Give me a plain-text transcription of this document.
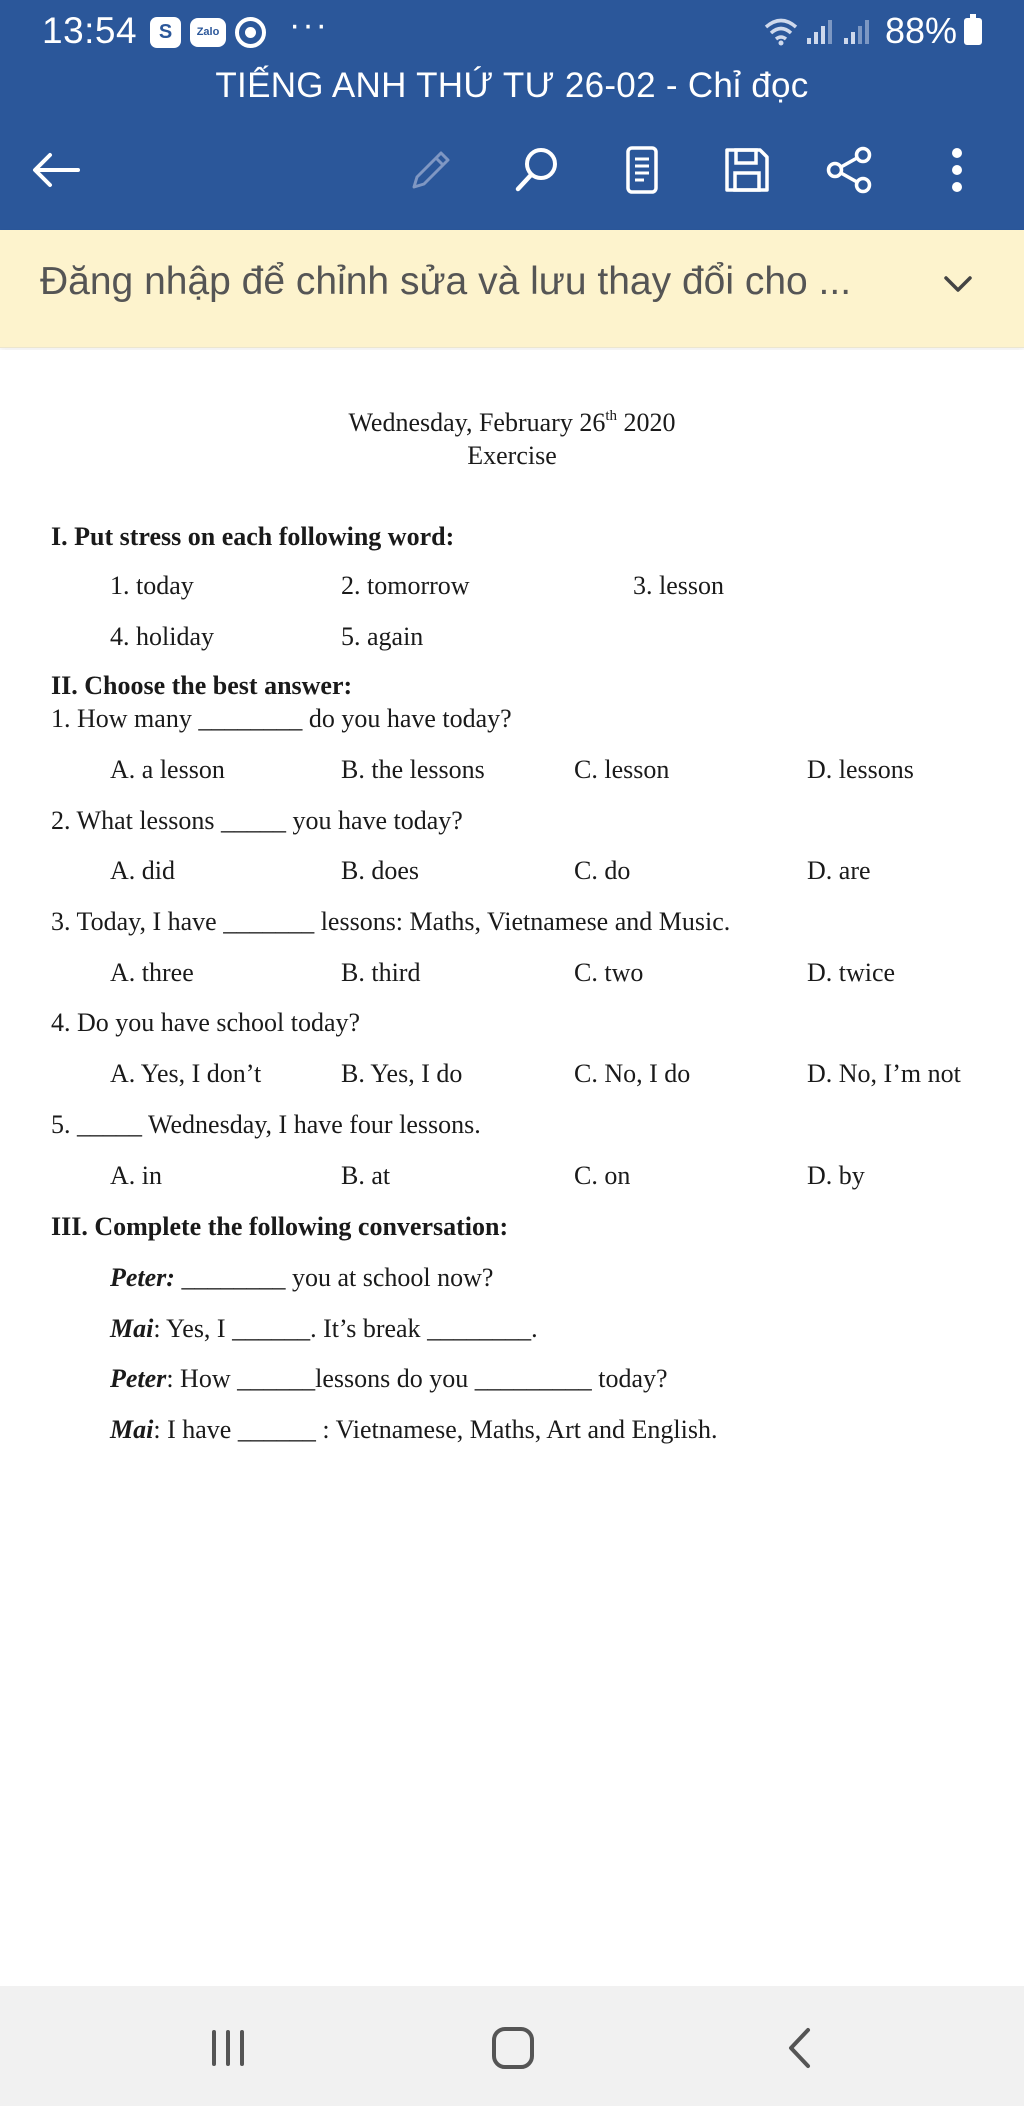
13:54	S	Zalo ···	88%
TIẾNG ANH THỨ TƯ 26-02 - Chỉ đọc
Đăng nhập để chỉnh sửa và lưu thay đổi cho ...
Wednesday, February 26th 2020
Exercise
I. Put stress on each following word:
1. today	2. tomorrow	3. lesson
4. holiday	5. again
II. Choose the best answer:
1. How many ________ do you have today?
A. a lesson	B. the lessons	C. lesson	D. lessons
2. What lessons _____ you have today?
A. did	B. does	C. do	D. are
3. Today, I have _______ lessons: Maths, Vietnamese and Music.
A. three	B. third	C. two	D. twice
4. Do you have school today?
A. Yes, I don’t	B. Yes, I do	C. No, I do	D. No, I’m not
5. _____ Wednesday, I have four lessons.
A. in	B. at	C. on	D. by
III. Complete the following conversation:
Peter: ________ you at school now?
Mai: Yes, I ______. It’s break ________.
Peter: How ______lessons do you _________ today?
Mai: I have ______ : Vietnamese, Maths, Art and English.
